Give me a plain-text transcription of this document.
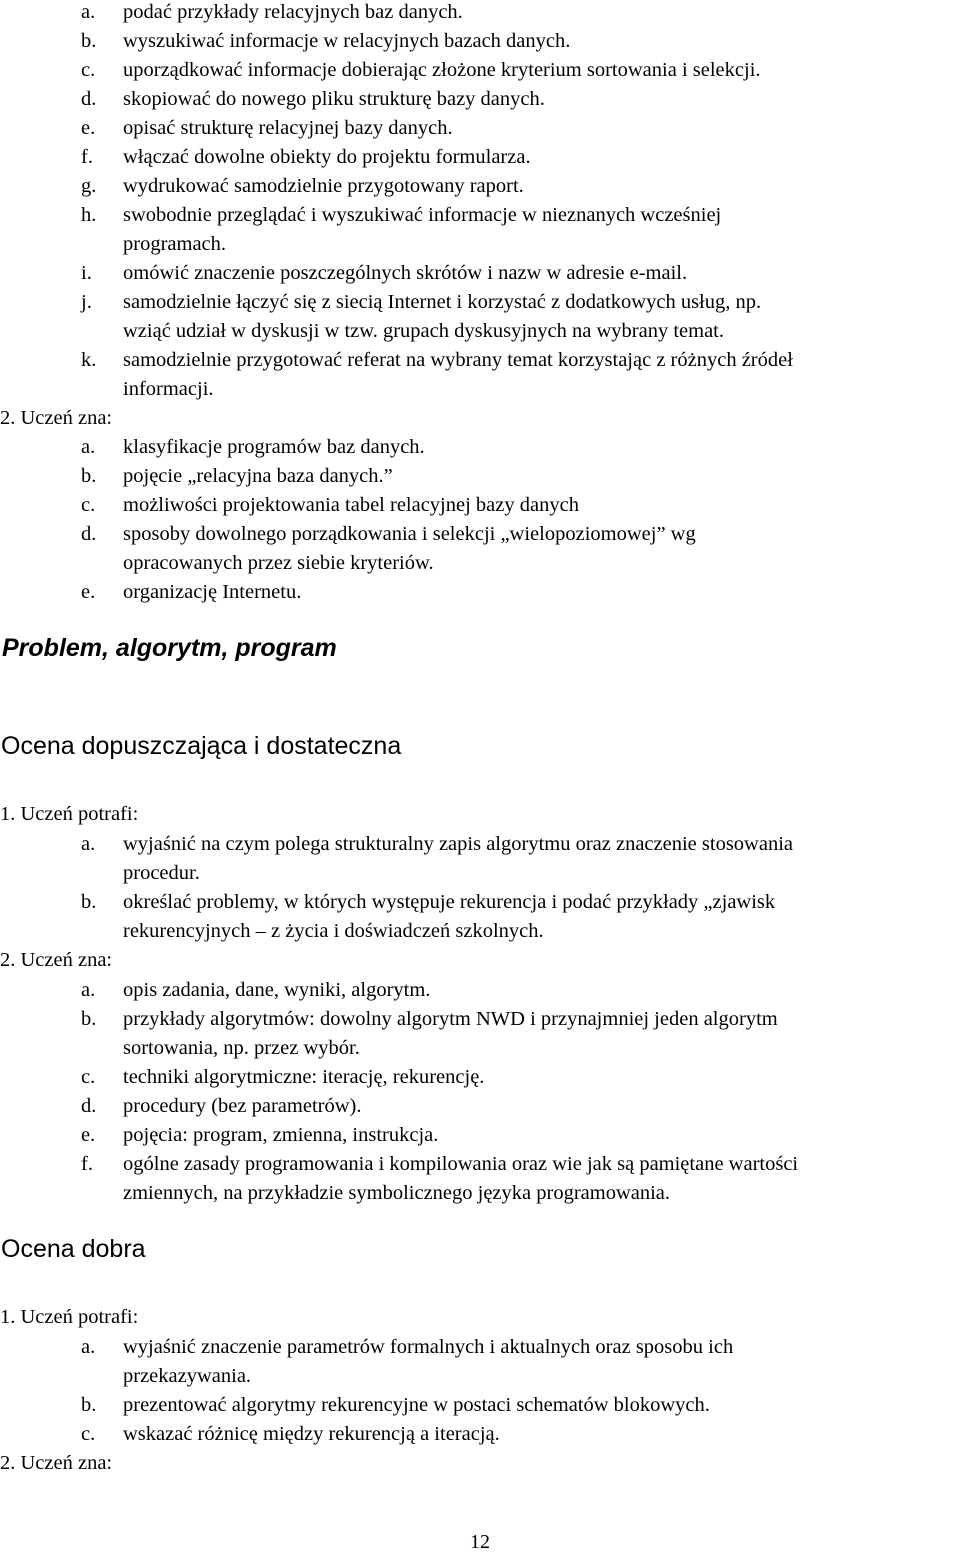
a. podać przykłady relacyjnych baz danych.
b. wyszukiwać informacje w relacyjnych bazach danych.
c. uporządkować informacje dobierając złożone kryterium sortowania i selekcji.
d. skopiować do nowego pliku strukturę bazy danych.
e. opisać strukturę relacyjnej bazy danych.
f. włączać dowolne obiekty do projektu formularza.
g. wydrukować samodzielnie przygotowany raport.
h. swobodnie przeglądać i wyszukiwać informacje w nieznanych wcześniej
programach.
i. omówić znaczenie poszczególnych skrótów i nazw w adresie e-mail.
j. samodzielnie łączyć się z siecią Internet i korzystać z dodatkowych usług, np.
wziąć udział w dyskusji w tzw. grupach dyskusyjnych na wybrany temat.
k. samodzielnie przygotować referat na wybrany temat korzystając z różnych źródeł
informacji.
2. Uczeń zna:
a. klasyfikacje programów baz danych.
b. pojęcie „relacyjna baza danych.”
c. możliwości projektowania tabel relacyjnej bazy danych
d. sposoby dowolnego porządkowania i selekcji „wielopoziomowej” wg
opracowanych przez siebie kryteriów.
e. organizację Internetu.
Problem, algorytm, program
Ocena dopuszczająca i dostateczna
1. Uczeń potrafi:
a. wyjaśnić na czym polega strukturalny zapis algorytmu oraz znaczenie stosowania
procedur.
b. określać problemy, w których występuje rekurencja i podać przykłady „zjawisk
rekurencyjnych – z życia i doświadczeń szkolnych.
2. Uczeń zna:
a. opis zadania, dane, wyniki, algorytm.
b. przykłady algorytmów: dowolny algorytm NWD i przynajmniej jeden algorytm
sortowania, np. przez wybór.
c. techniki algorytmiczne: iterację, rekurencję.
d. procedury (bez parametrów).
e. pojęcia: program, zmienna, instrukcja.
f. ogólne zasady programowania i kompilowania oraz wie jak są pamiętane wartości
zmiennych, na przykładzie symbolicznego języka programowania.
Ocena dobra
1. Uczeń potrafi:
a. wyjaśnić znaczenie parametrów formalnych i aktualnych oraz sposobu ich
przekazywania.
b. prezentować algorytmy rekurencyjne w postaci schematów blokowych.
c. wskazać różnicę między rekurencją a iteracją.
2. Uczeń zna:
12
